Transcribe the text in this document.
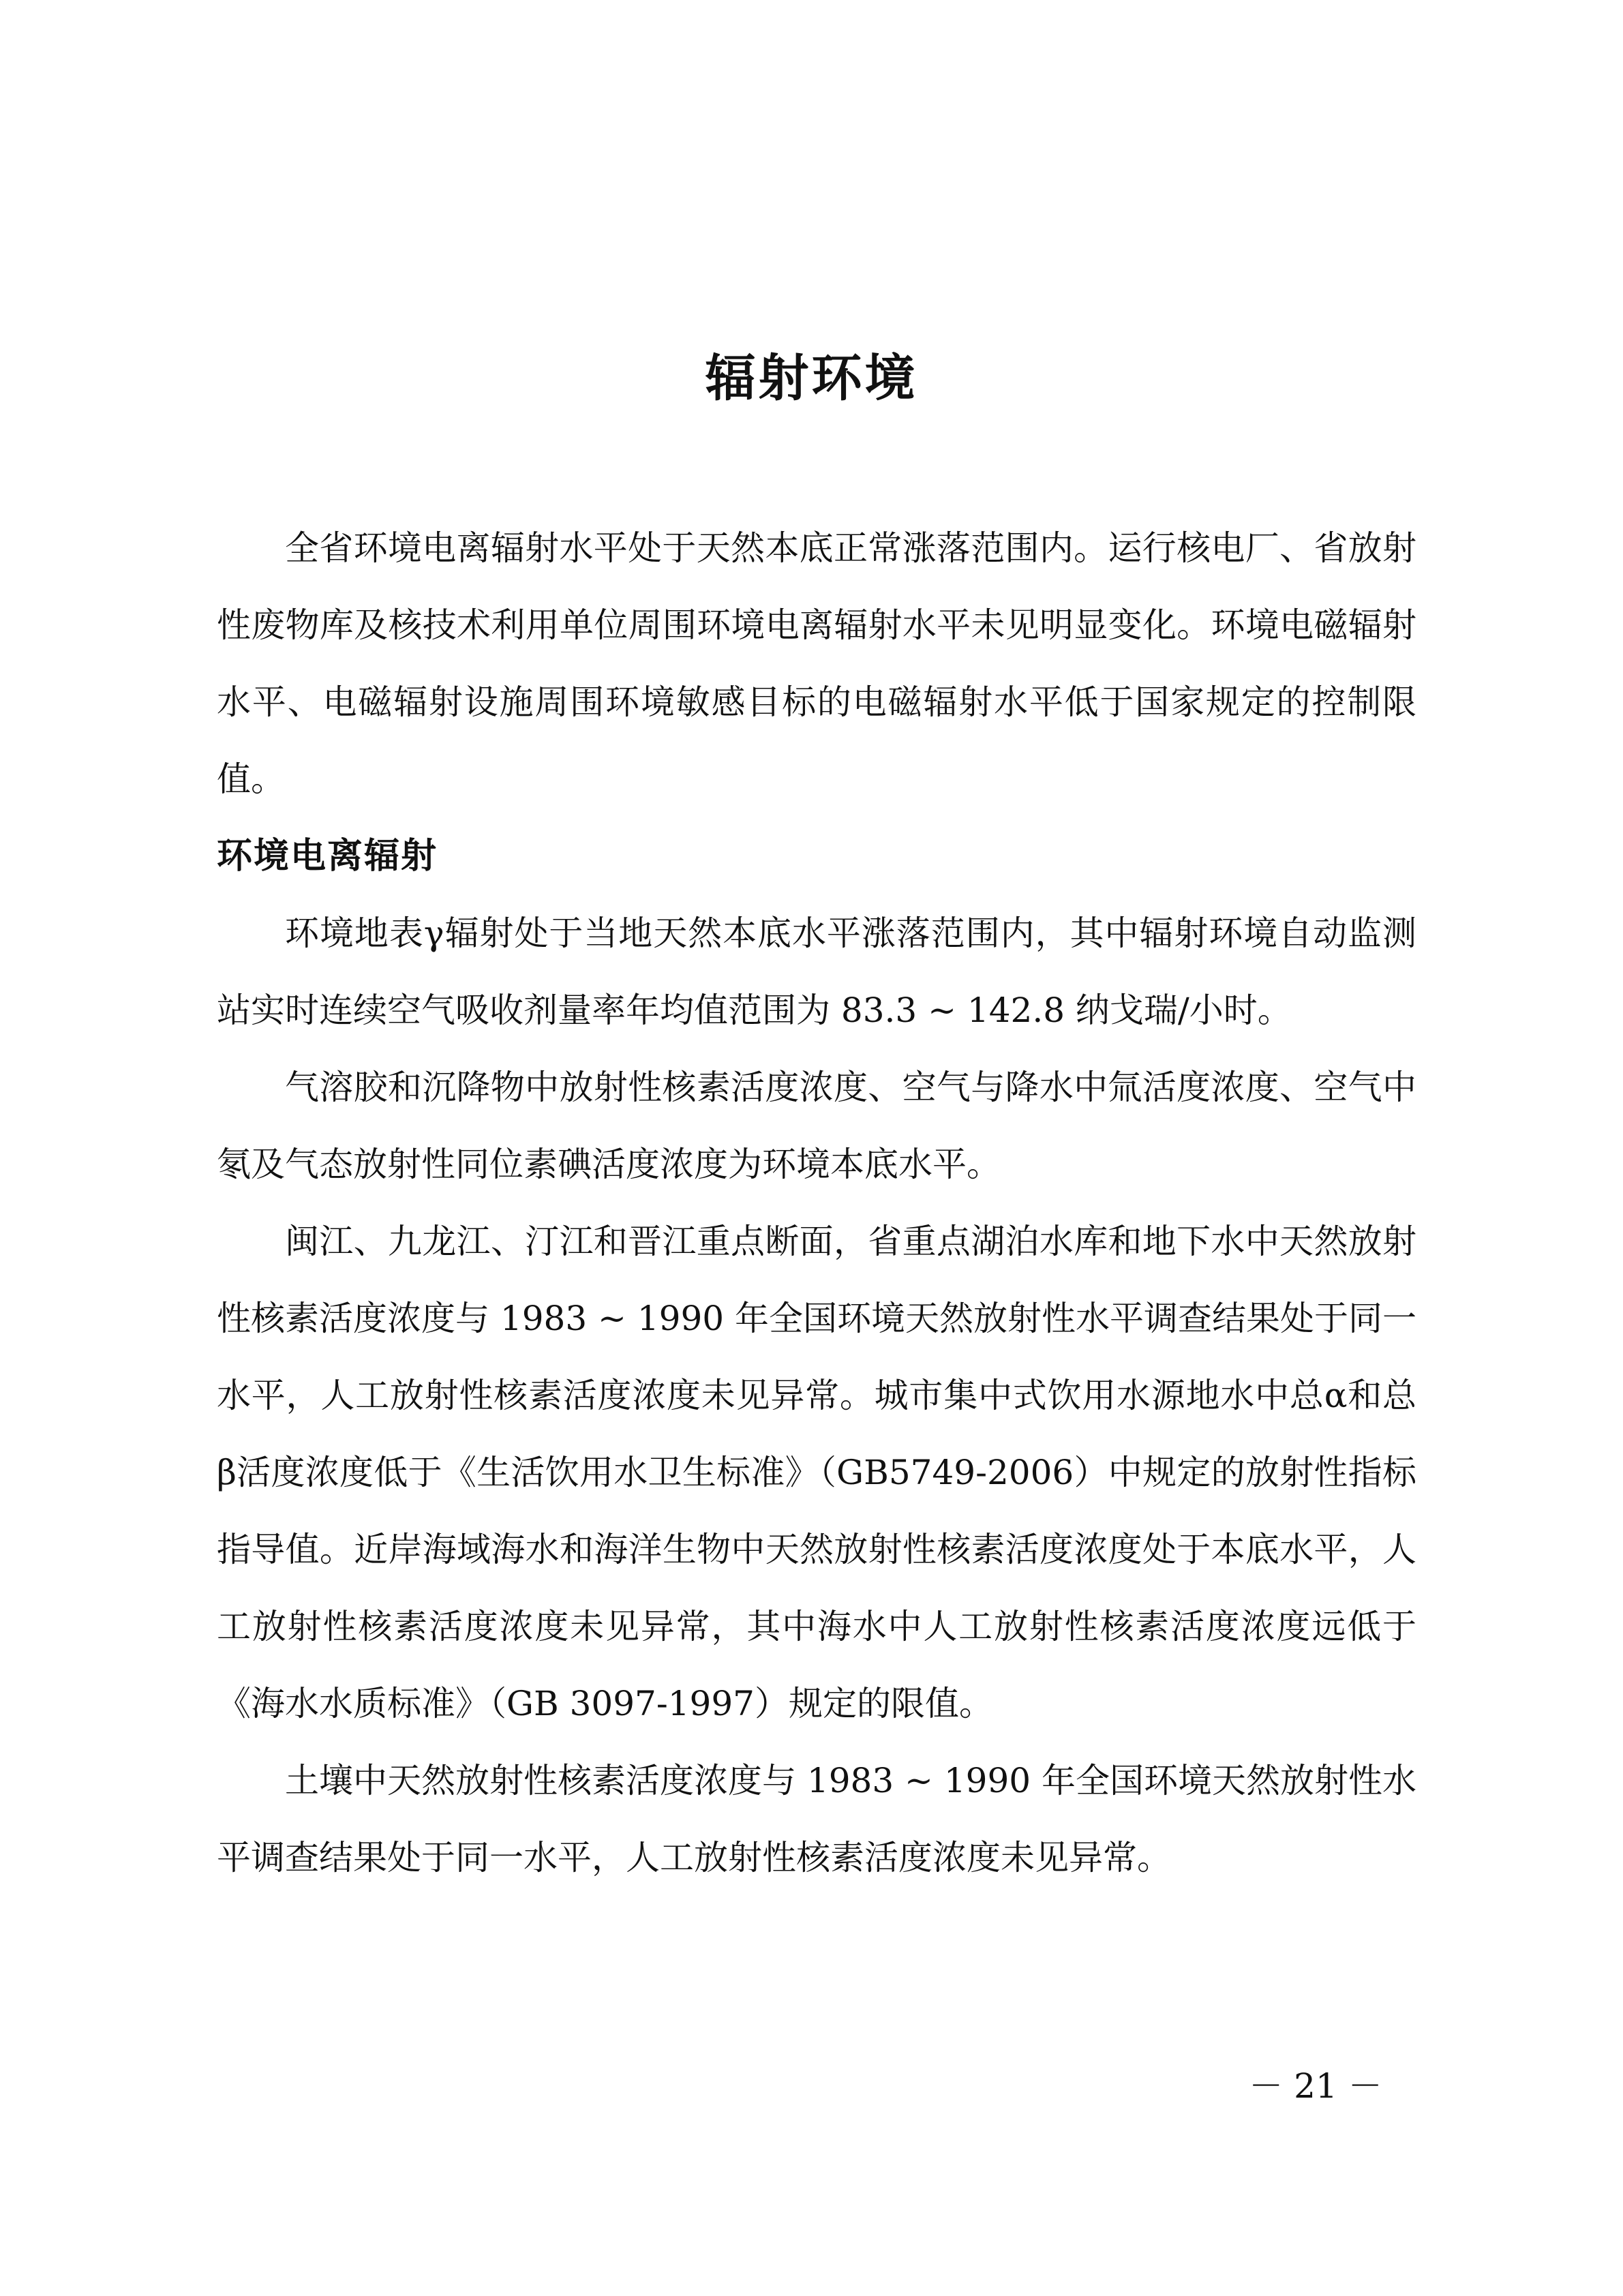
辐射环境

全省环境电离辐射水平处于天然本底正常涨落范围内。运行核电厂、省放射性废物库及核技术利用单位周围环境电离辐射水平未见明显变化。环境电磁辐射水平、电磁辐射设施周围环境敏感目标的电磁辐射水平低于国家规定的控制限值。

环境电离辐射

环境地表γ辐射处于当地天然本底水平涨落范围内，其中辐射环境自动监测站实时连续空气吸收剂量率年均值范围为 83.3 ~ 142.8 纳戈瑞/小时。

气溶胶和沉降物中放射性核素活度浓度、空气与降水中氚活度浓度、空气中氡及气态放射性同位素碘活度浓度为环境本底水平。

闽江、九龙江、汀江和晋江重点断面，省重点湖泊水库和地下水中天然放射性核素活度浓度与 1983 ~ 1990 年全国环境天然放射性水平调查结果处于同一水平，人工放射性核素活度浓度未见异常。城市集中式饮用水源地水中总α和总β活度浓度低于《生活饮用水卫生标准》（GB5749-2006）中规定的放射性指标指导值。近岸海域海水和海洋生物中天然放射性核素活度浓度处于本底水平，人工放射性核素活度浓度未见异常，其中海水中人工放射性核素活度浓度远低于《海水水质标准》（GB 3097-1997）规定的限值。

土壤中天然放射性核素活度浓度与 1983 ~ 1990 年全国环境天然放射性水平调查结果处于同一水平，人工放射性核素活度浓度未见异常。

－ 21 －
